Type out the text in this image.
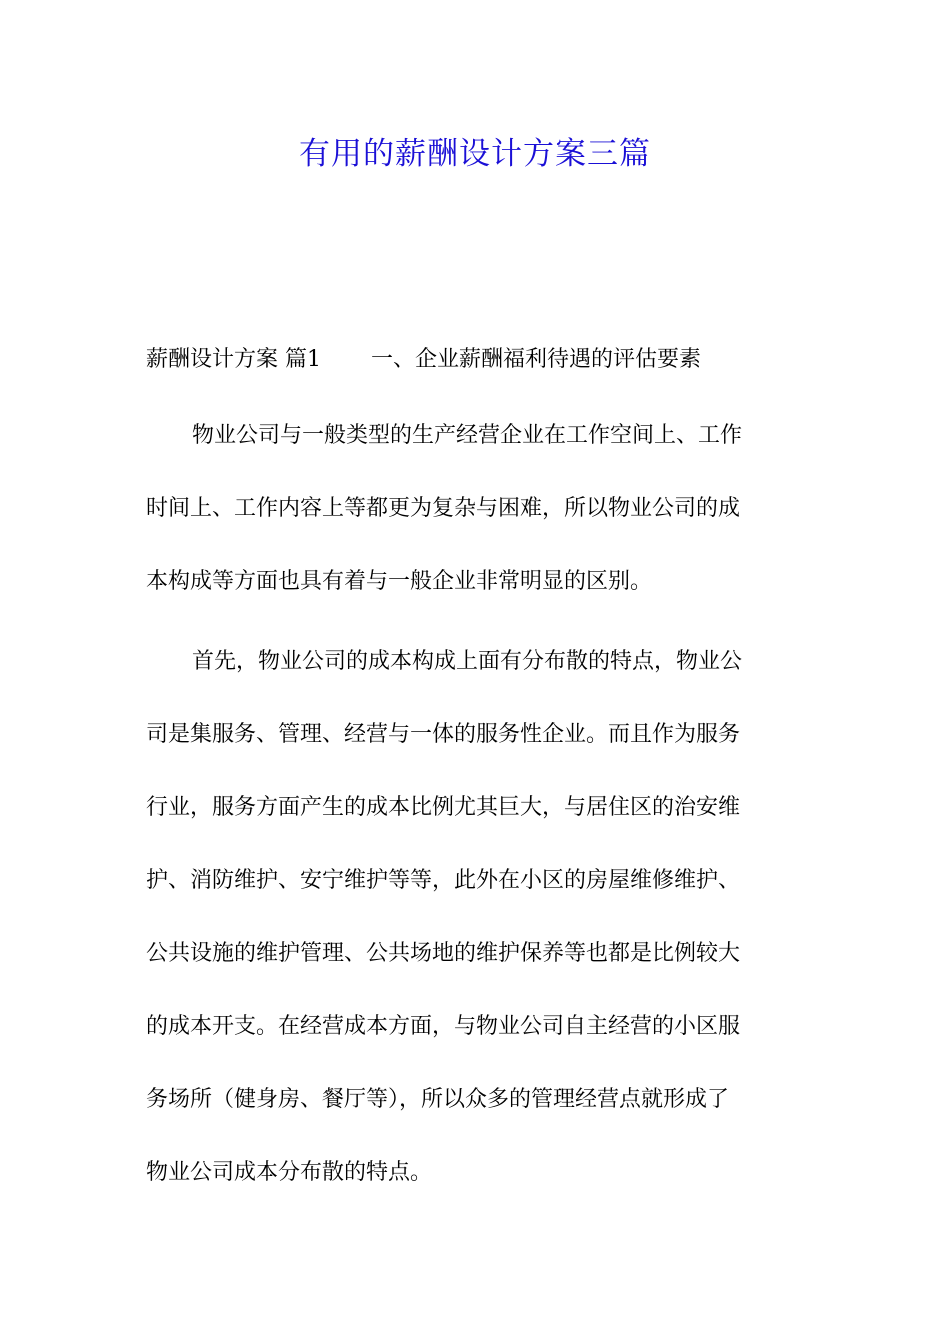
有用的薪酬设计方案三篇
薪酬设计方案 篇1 一、企业薪酬福利待遇的评估要素
物业公司与一般类型的生产经营企业在工作空间上、工作
时间上、工作内容上等都更为复杂与困难，所以物业公司的成
本构成等方面也具有着与一般企业非常明显的区别。
首先，物业公司的成本构成上面有分布散的特点，物业公
司是集服务、管理、经营与一体的服务性企业。而且作为服务
行业，服务方面产生的成本比例尤其巨大，与居住区的治安维
护、消防维护、安宁维护等等，此外在小区的房屋维修维护、
公共设施的维护管理、公共场地的维护保养等也都是比例较大
的成本开支。在经营成本方面，与物业公司自主经营的小区服
务场所（健身房、餐厅等），所以众多的管理经营点就形成了
物业公司成本分布散的特点。
